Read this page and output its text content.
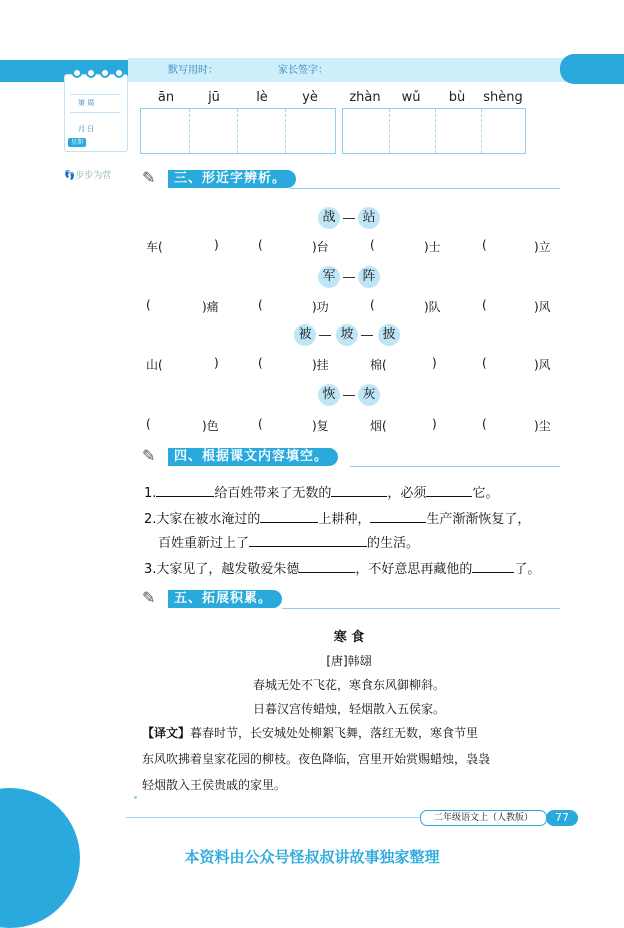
默写用时：	家长签字：
第 周
月 日
星期
👣步步为营
ān	jū	lè	yè	zhàn	wǔ	bù	shèng
✎	三、形近字辨析。
战	站
车(	)	(	)台	(	)士	(	)立
军	阵
(	)痛	(	)功	(	)队	(	)风
被	坡	披
山(	)	(	)挂	棉(	)	(	)风
恢	灰
(	)色	(	)复	烟(	)	(	)尘
✎	四、根据课文内容填空。
1.	给百姓带来了无数的	，必须	它。
2.大家在被水淹过的	上耕种，	生产渐渐恢复了，
百姓重新过上了	的生活。
3.大家见了，越发敬爱朱德	，不好意思再藏他的	了。
✎	五、拓展积累。
寒 食
[唐]韩翃
春城无处不飞花，寒食东风御柳斜。
日暮汉宫传蜡烛，轻烟散入五侯家。
【译文】暮春时节，长安城处处柳絮飞舞，落红无数，寒食节里
东风吹拂着皇家花园的柳枝。夜色降临，宫里开始赏赐蜡烛，袅袅
轻烟散入王侯贵戚的家里。
二年级语文上（人教版）	77
本资料由公众号怪叔叔讲故事独家整理
